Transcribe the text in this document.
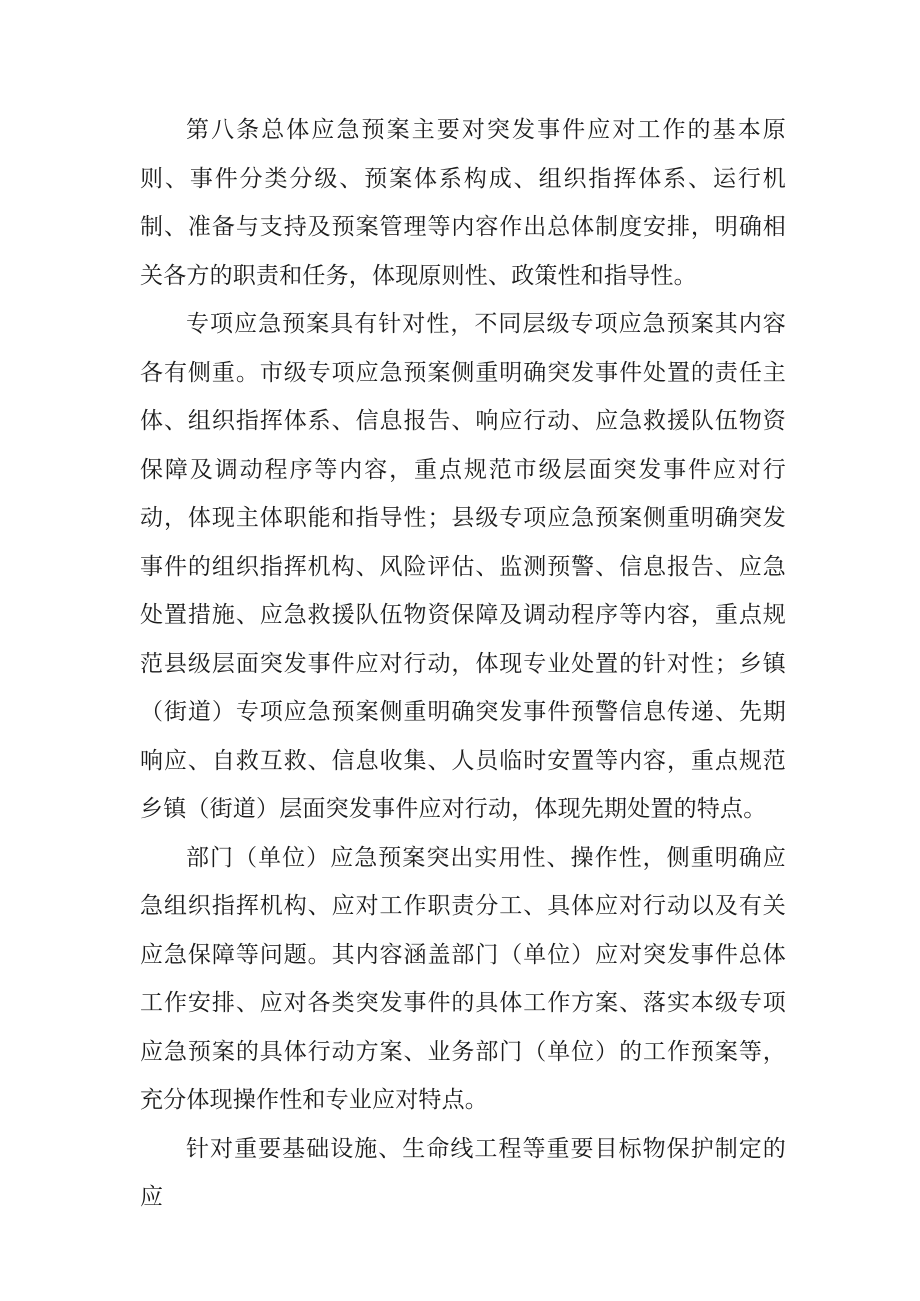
第八条总体应急预案主要对突发事件应对工作的基本原则、事件分类分级、预案体系构成、组织指挥体系、运行机制、准备与支持及预案管理等内容作出总体制度安排，明确相关各方的职责和任务，体现原则性、政策性和指导性。

专项应急预案具有针对性，不同层级专项应急预案其内容各有侧重。市级专项应急预案侧重明确突发事件处置的责任主体、组织指挥体系、信息报告、响应行动、应急救援队伍物资保障及调动程序等内容，重点规范市级层面突发事件应对行动，体现主体职能和指导性；县级专项应急预案侧重明确突发事件的组织指挥机构、风险评估、监测预警、信息报告、应急处置措施、应急救援队伍物资保障及调动程序等内容，重点规范县级层面突发事件应对行动，体现专业处置的针对性；乡镇（街道）专项应急预案侧重明确突发事件预警信息传递、先期响应、自救互救、信息收集、人员临时安置等内容，重点规范乡镇（街道）层面突发事件应对行动，体现先期处置的特点。

部门（单位）应急预案突出实用性、操作性，侧重明确应急组织指挥机构、应对工作职责分工、具体应对行动以及有关应急保障等问题。其内容涵盖部门（单位）应对突发事件总体工作安排、应对各类突发事件的具体工作方案、落实本级专项应急预案的具体行动方案、业务部门（单位）的工作预案等，充分体现操作性和专业应对特点。

针对重要基础设施、生命线工程等重要目标物保护制定的应
